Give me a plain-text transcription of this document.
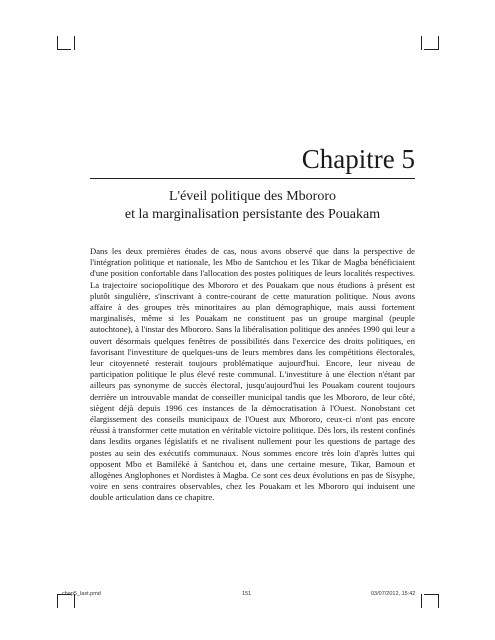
Chapitre 5
L'éveil politique des Mbororo
et la marginalisation persistante des Pouakam

Dans les deux premières études de cas, nous avons observé que dans la perspective de l'intégration politique et nationale, les Mbo de Santchou et les Tikar de Magba bénéficiaient d'une position confortable dans l'allocation des postes politiques de leurs localités respectives. La trajectoire sociopolitique des Mbororo et des Pouakam que nous étudions à présent est plutôt singulière, s'inscrivant à contre-courant de cette maturation politique. Nous avons affaire à des groupes très minoritaires au plan démographique, mais aussi fortement marginalisés, même si les Pouakam ne constituent pas un groupe marginal (peuple autochtone), à l'instar des Mbororo. Sans la libéralisation politique des années 1990 qui leur a ouvert désormais quelques fenêtres de possibilités dans l'exercice des droits politiques, en favorisant l'investiture de quelques-uns de leurs membres dans les compétitions électorales, leur citoyenneté resterait toujours problématique aujourd'hui. Encore, leur niveau de participation politique le plus élevé reste communal. L'investiture à une élection n'étant par ailleurs pas synonyme de succès électoral, jusqu'aujourd'hui les Pouakam courent toujours derrière un introuvable mandat de conseiller municipal tandis que les Mbororo, de leur côté, siègent déjà depuis 1996 ces instances de la démocratisation à l'Ouest. Nonobstant cet élargissement des conseils municipaux de l'Ouest aux Mbororo, ceux-ci n'ont pas encore réussi à transformer cette mutation en véritable victoire politique. Dès lors, ils restent confinés dans lesdits organes législatifs et ne rivalisent nullement pour les questions de partage des postes au sein des exécutifs communaux. Nous sommes encore très loin d'après luttes qui opposent Mbo et Bamiléké à Santchou et, dans une certaine mesure, Tikar, Bamoun et allogènes Anglophones et Nordistes à Magba. Ce sont ces deux évolutions en pas de Sisyphe, voire en sens contraires observables, chez les Pouakam et les Mbororo qui induisent une double articulation dans ce chapitre.

chap5_last.pmd	151	03/07/2012, 15:42
